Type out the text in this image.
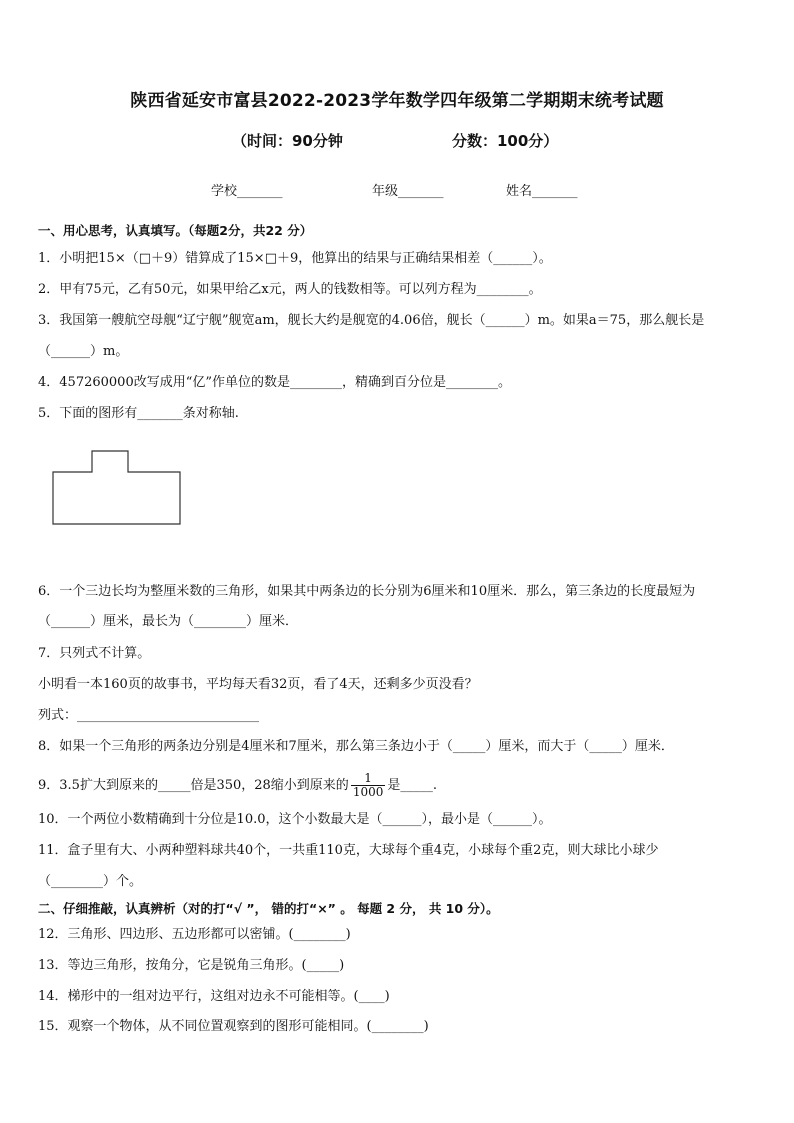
陕西省延安市富县2022-2023学年数学四年级第二学期期末统考试题
（时间：90分钟	分数：100分）
学校_______	年级_______	姓名_______
一、用心思考，认真填写。（每题2分，共22 分）
1．小明把15×（□＋9）错算成了15×□＋9，他算出的结果与正确结果相差（______）。
2．甲有75元，乙有50元，如果甲给乙x元，两人的钱数相等。可以列方程为________。
3．我国第一艘航空母舰“辽宁舰”舰宽am，舰长大约是舰宽的4.06倍，舰长（______）m。如果a＝75，那么舰长是
（______）m。
4．457260000改写成用“亿”作单位的数是________，精确到百分位是________。
5．下面的图形有_______条对称轴.
6．一个三边长均为整厘米数的三角形，如果其中两条边的长分别为6厘米和10厘米．那么，第三条边的长度最短为
（______）厘米，最长为（________）厘米．
7．只列式不计算。
小明看一本160页的故事书，平均每天看32页，看了4天，还剩多少页没看？
列式：____________________________
8．如果一个三角形的两条边分别是4厘米和7厘米，那么第三条边小于（_____）厘米，而大于（_____）厘米．
9．3.5扩大到原来的_____倍是350，28缩小到原来的 $\frac{1}{1000}$ 是_____.
10．一个两位小数精确到十分位是10.0，这个小数最大是（______），最小是（______）。
11．盒子里有大、小两种塑料球共40个，一共重110克，大球每个重4克，小球每个重2克，则大球比小球少
（________）个。
二、仔细推敲，认真辨析（对的打“√ ”， 错的打“×” 。 每题 2 分， 共 10 分）。
12．三角形、四边形、五边形都可以密铺。(________)
13．等边三角形，按角分，它是锐角三角形。(_____)
14．梯形中的一组对边平行，这组对边永不可能相等。(____)
15．观察一个物体，从不同位置观察到的图形可能相同。(________)
